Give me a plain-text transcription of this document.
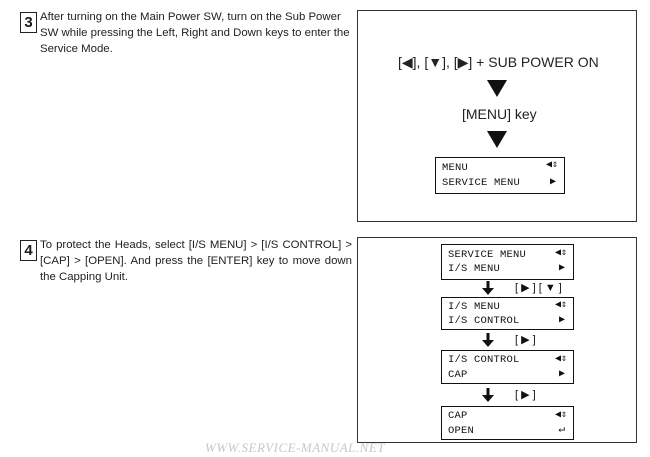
3 After turning on the Main Power SW, turn on the Sub Power SW while pressing the Left, Right and Down keys to enter the Service Mode.
[◀], [▼], [▶] + SUB POWER ON
[MENU] key
MENU
SERVICE MENU
◀⇕
▶
4 To protect the Heads, select [I/S MENU] > [I/S CONTROL] > [CAP] > [OPEN]. And press the [ENTER] key to move down the Capping Unit.
SERVICE MENU
I/S MENU
◀⇕
▶
[ ▶ ] [ ▼ ]
I/S MENU
I/S CONTROL
◀⇕
▶
[ ▶ ]
I/S CONTROL
CAP
◀⇕
▶
[ ▶ ]
CAP
OPEN
◀⇕
↵
WWW.SERVICE-MANUAL.NET
